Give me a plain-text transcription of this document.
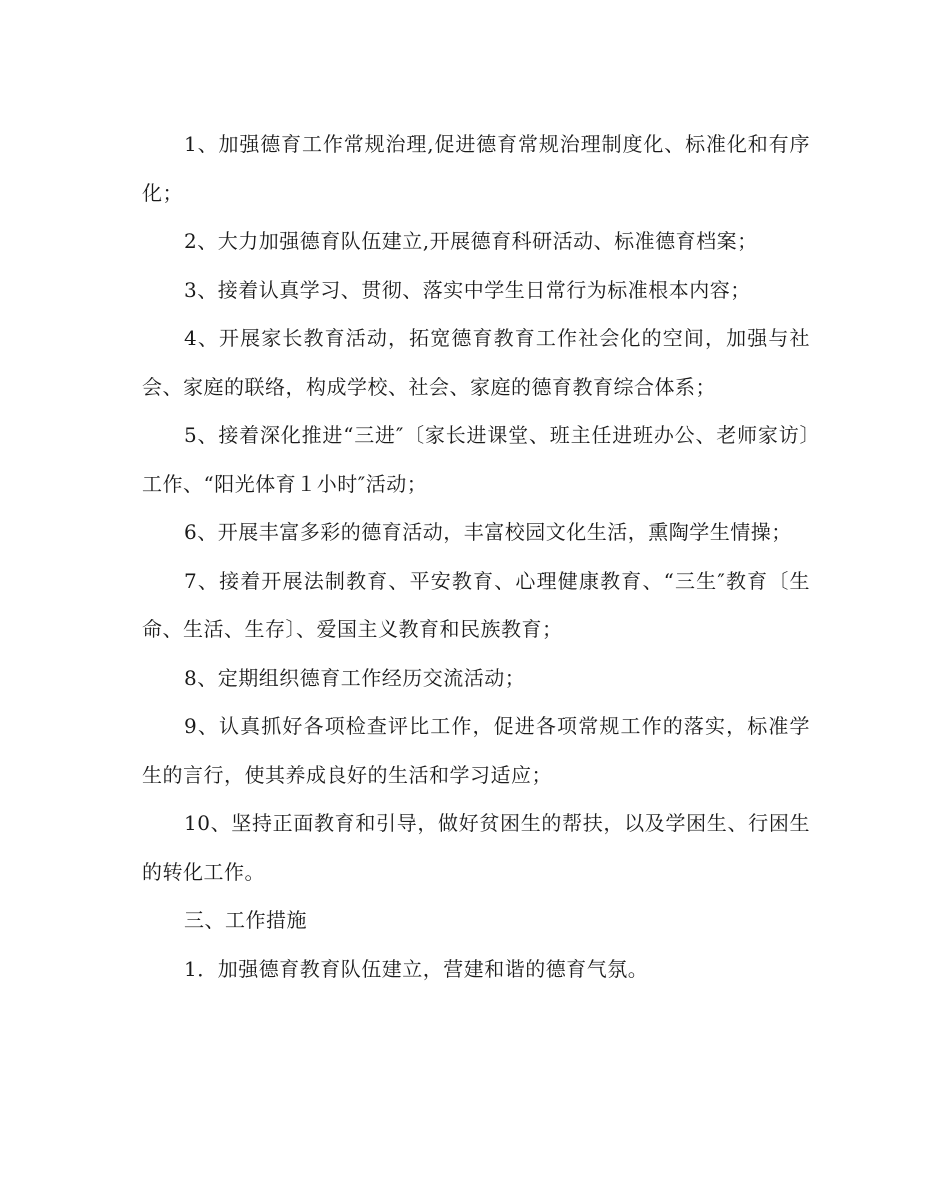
1、加强德育工作常规治理,促进德育常规治理制度化、标准化和有序化；

2、大力加强德育队伍建立,开展德育科研活动、标准德育档案；

3、接着认真学习、贯彻、落实中学生日常行为标准根本内容；

4、开展家长教育活动，拓宽德育教育工作社会化的空间，加强与社会、家庭的联络，构成学校、社会、家庭的德育教育综合体系；

5、接着深化推进“三进″〔家长进课堂、班主任进班办公、老师家访〕工作、“阳光体育１小时″活动；

6、开展丰富多彩的德育活动，丰富校园文化生活，熏陶学生情操；

7、接着开展法制教育、平安教育、心理健康教育、“三生″教育〔生命、生活、生存〕、爱国主义教育和民族教育；

8、定期组织德育工作经历交流活动；

9、认真抓好各项检查评比工作，促进各项常规工作的落实，标准学生的言行，使其养成良好的生活和学习适应；

10、坚持正面教育和引导，做好贫困生的帮扶，以及学困生、行困生的转化工作。

三、工作措施

1．加强德育教育队伍建立，营建和谐的德育气氛。
